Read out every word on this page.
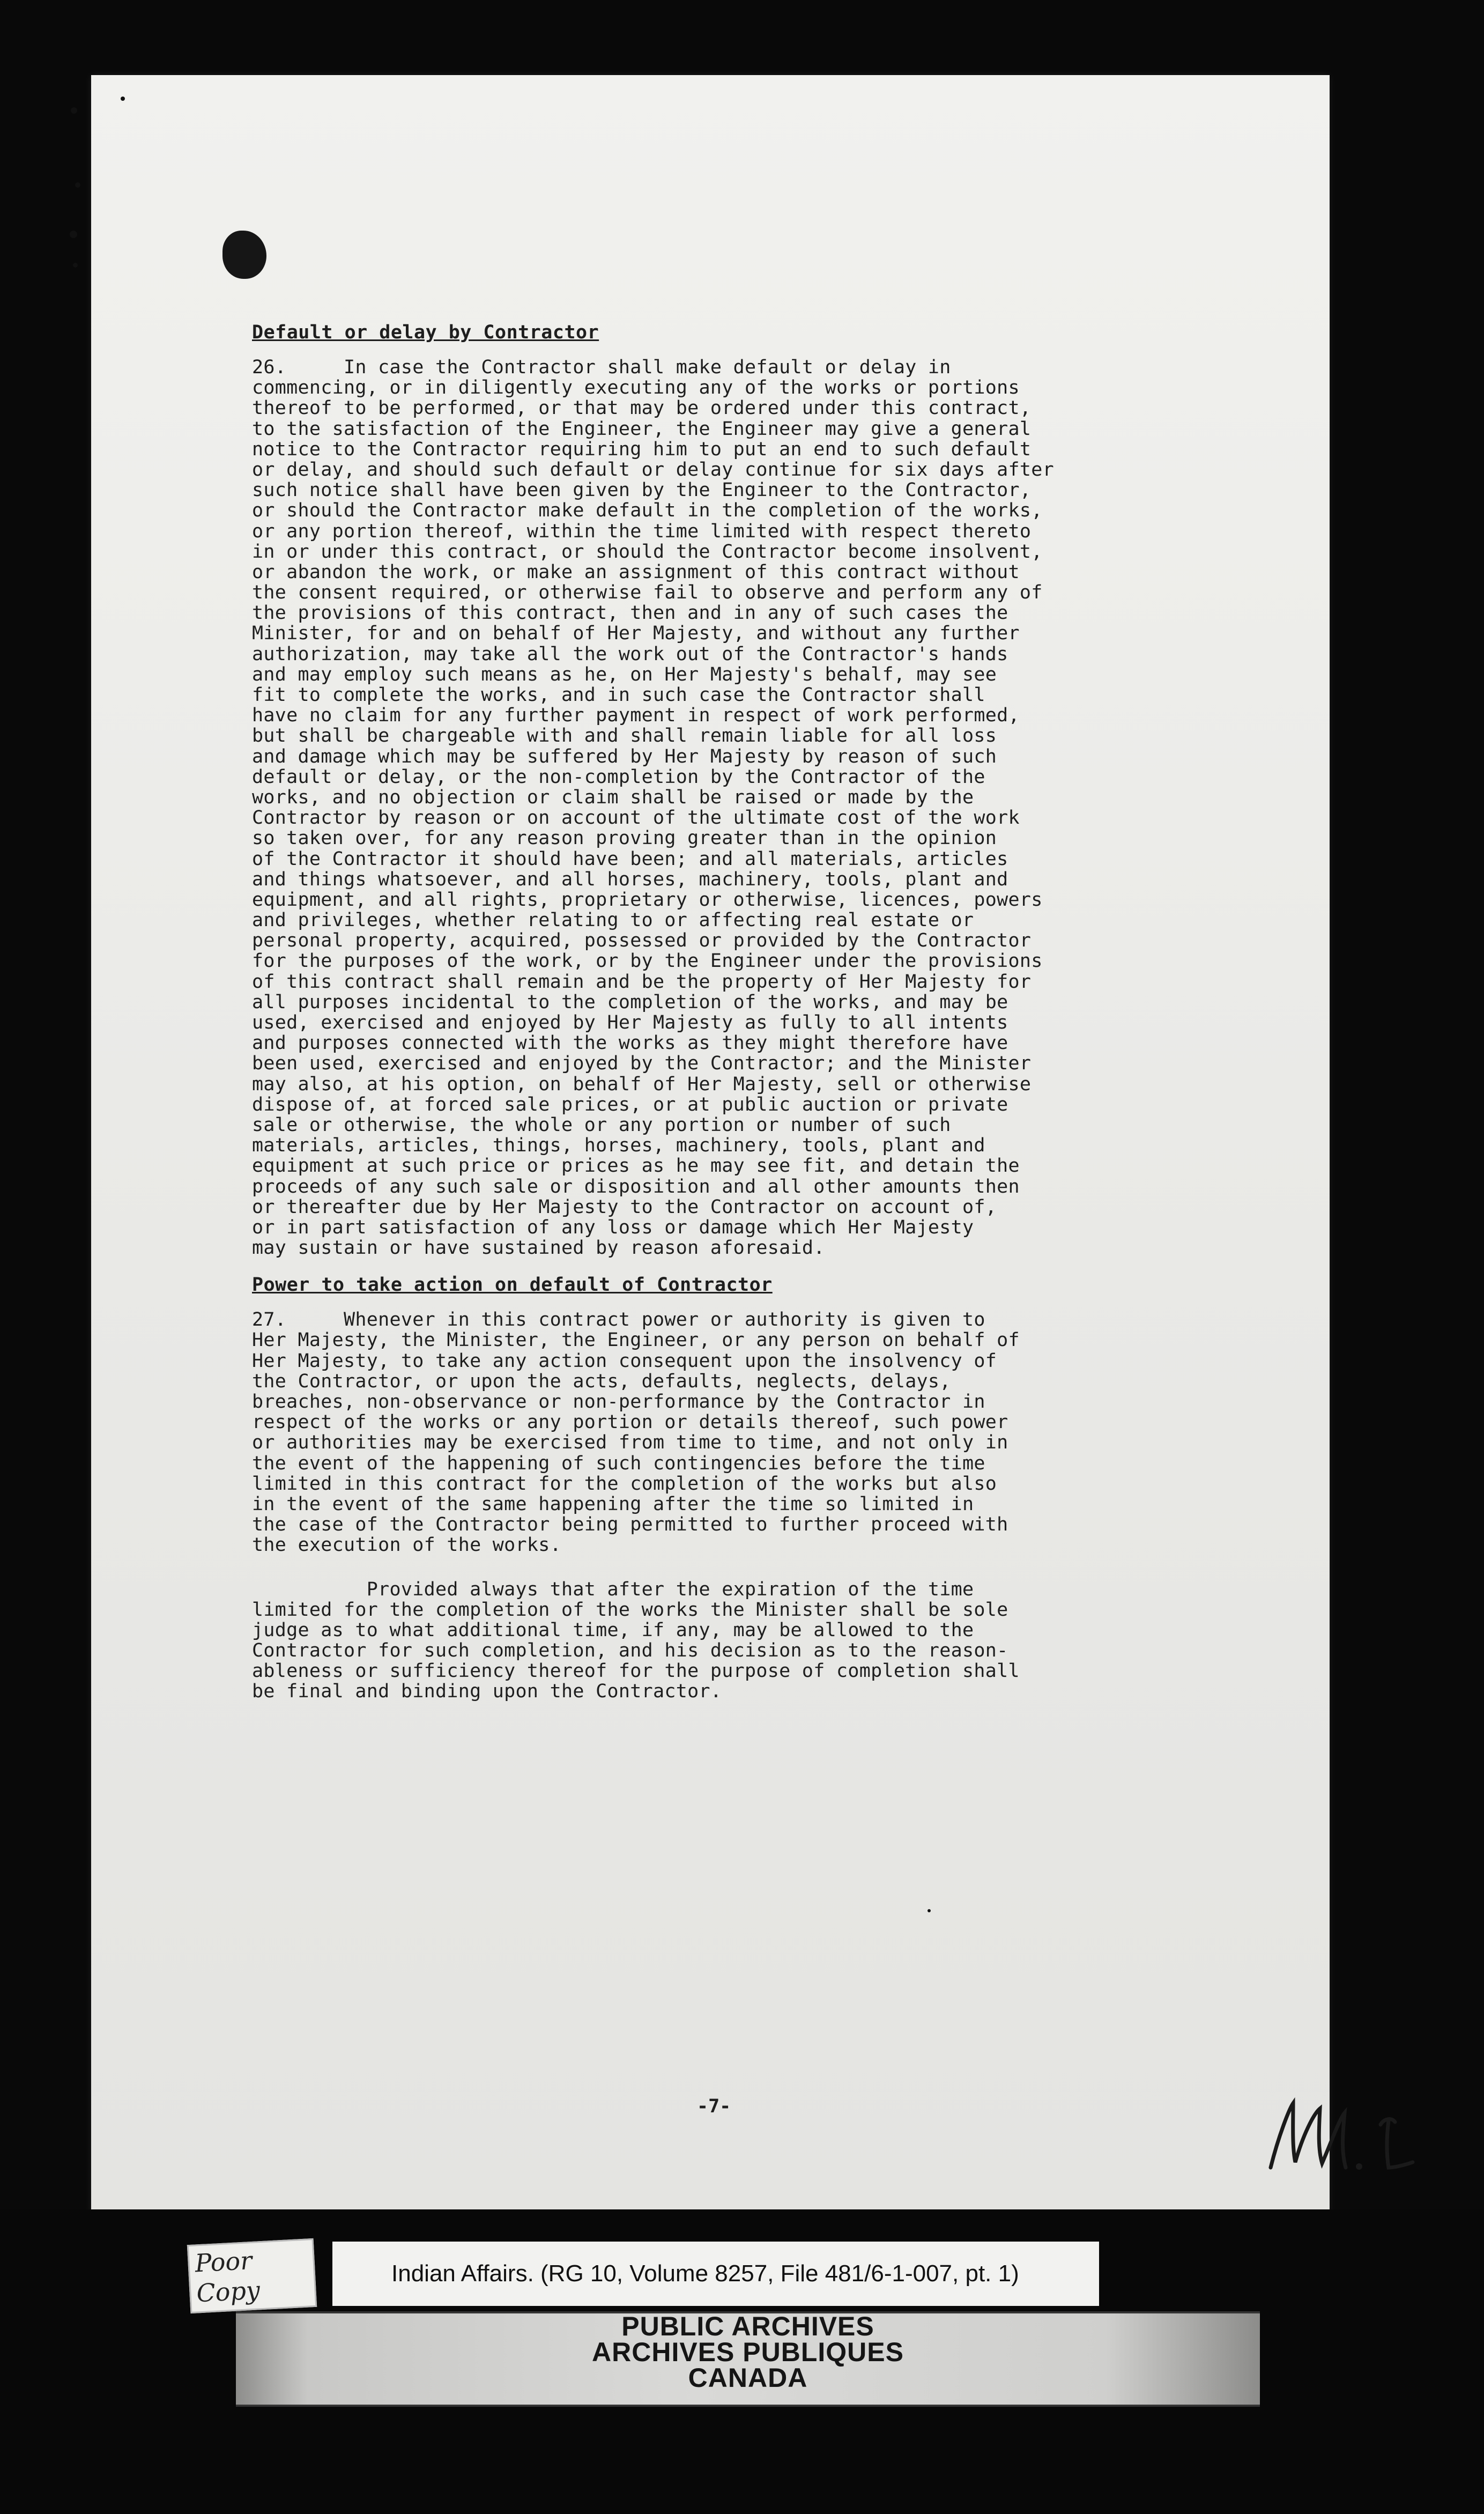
Default or delay by Contractor

26.     In case the Contractor shall make default or delay in
commencing, or in diligently executing any of the works or portions
thereof to be performed, or that may be ordered under this contract,
to the satisfaction of the Engineer, the Engineer may give a general
notice to the Contractor requiring him to put an end to such default
or delay, and should such default or delay continue for six days after
such notice shall have been given by the Engineer to the Contractor,
or should the Contractor make default in the completion of the works,
or any portion thereof, within the time limited with respect thereto
in or under this contract, or should the Contractor become insolvent,
or abandon the work, or make an assignment of this contract without
the consent required, or otherwise fail to observe and perform any of
the provisions of this contract, then and in any of such cases the
Minister, for and on behalf of Her Majesty, and without any further
authorization, may take all the work out of the Contractor's hands
and may employ such means as he, on Her Majesty's behalf, may see
fit to complete the works, and in such case the Contractor shall
have no claim for any further payment in respect of work performed,
but shall be chargeable with and shall remain liable for all loss
and damage which may be suffered by Her Majesty by reason of such
default or delay, or the non-completion by the Contractor of the
works, and no objection or claim shall be raised or made by the
Contractor by reason or on account of the ultimate cost of the work
so taken over, for any reason proving greater than in the opinion
of the Contractor it should have been; and all materials, articles
and things whatsoever, and all horses, machinery, tools, plant and
equipment, and all rights, proprietary or otherwise, licences, powers
and privileges, whether relating to or affecting real estate or
personal property, acquired, possessed or provided by the Contractor
for the purposes of the work, or by the Engineer under the provisions
of this contract shall remain and be the property of Her Majesty for
all purposes incidental to the completion of the works, and may be
used, exercised and enjoyed by Her Majesty as fully to all intents
and purposes connected with the works as they might therefore have
been used, exercised and enjoyed by the Contractor; and the Minister
may also, at his option, on behalf of Her Majesty, sell or otherwise
dispose of, at forced sale prices, or at public auction or private
sale or otherwise, the whole or any portion or number of such
materials, articles, things, horses, machinery, tools, plant and
equipment at such price or prices as he may see fit, and detain the
proceeds of any such sale or disposition and all other amounts then
or thereafter due by Her Majesty to the Contractor on account of,
or in part satisfaction of any loss or damage which Her Majesty
may sustain or have sustained by reason aforesaid.

Power to take action on default of Contractor

27.     Whenever in this contract power or authority is given to
Her Majesty, the Minister, the Engineer, or any person on behalf of
Her Majesty, to take any action consequent upon the insolvency of
the Contractor, or upon the acts, defaults, neglects, delays,
breaches, non-observance or non-performance by the Contractor in
respect of the works or any portion or details thereof, such power
or authorities may be exercised from time to time, and not only in
the event of the happening of such contingencies before the time
limited in this contract for the completion of the works but also
in the event of the same happening after the time so limited in
the case of the Contractor being permitted to further proceed with
the execution of the works.
Provided always that after the expiration of the time
limited for the completion of the works the Minister shall be sole
judge as to what additional time, if any, may be allowed to the
Contractor for such completion, and his decision as to the reason-
ableness or sufficiency thereof for the purpose of completion shall
be final and binding upon the Contractor.
-7-
Poor
Copy
Indian Affairs. (RG 10, Volume 8257, File 481/6-1-007, pt. 1)
PUBLIC ARCHIVES
ARCHIVES PUBLIQUES
CANADA
